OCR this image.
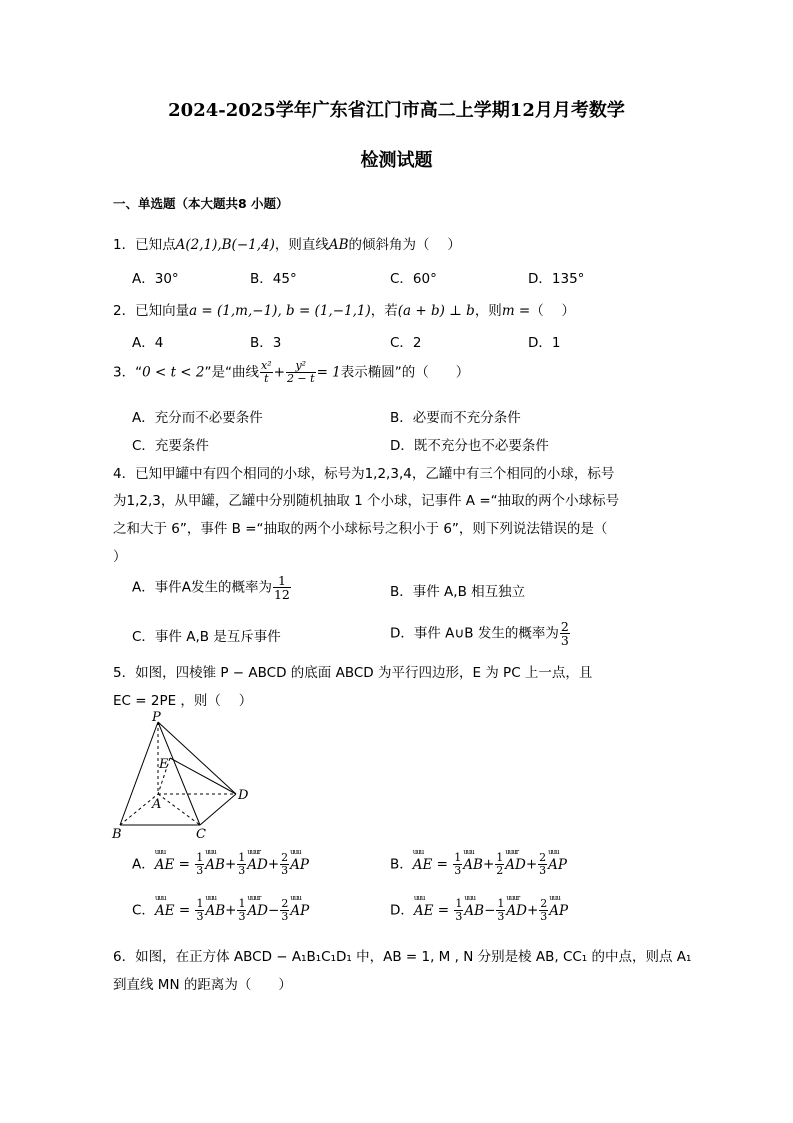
2024-2025学年广东省江门市高二上学期12月月考数学
检测试题
一、单选题（本大题共8 小题）
1．已知点A(2,1),B(−1,4)，则直线AB的倾斜角为（　 ）
A．30°	B．45°	C．60°	D．135°
2．已知向量a = (1,m,−1), b = (1,−1,1)，若(a + b) ⊥ b，则m =（　 ）
A．4	B．3	C．2	D．1
3．“0 < t < 2”是“曲线 $\frac{\text{x²}}{t} + \frac{\text{y²}}{2 - t} = 1$表示椭圆”的（　　）
A．充分而不必要条件	B．必要而不充分条件
C．充要条件	D．既不充分也不必要条件
4．已知甲罐中有四个相同的小球，标号为1,2,3,4，乙罐中有三个相同的小球，标号
为1,2,3，从甲罐，乙罐中分别随机抽取 1 个小球，记事件 A =“抽取的两个小球标号
之和大于 6”，事件 B =“抽取的两个小球标号之积小于 6”，则下列说法错误的是（
）
A．事件A发生的概率为 $\frac{1}{12}$	B．事件 A,B 相互独立
C．事件 A,B 是互斥事件	D．事件 A∪B 发生的概率为 $\frac{2}{3}$
5．如图，四棱锥 P − ABCD 的底面 ABCD 为平行四边形，E 为 PC 上一点，且
EC = 2PE ，则（　 ）
P
E
A
D
B	C
A．uuu AE = $\frac{1}{3}$ uuu $AB+ \frac{1}{3}$ uuur $AD+ \frac{2}{3}$ uuu AP	B．uuu AE = $\frac{1}{3}$ uuu $AB+ \frac{1}{2}$ uuur $AD+ \frac{2}{3}$ uuu AP
C．uuu AE = $\frac{1}{3}$ uuu $AB+ \frac{1}{3}$ uuur $AD- \frac{2}{3}$ uuu AP	D．uuu AE = $\frac{1}{3}$ uuu $AB- \frac{1}{3}$ uuur $AD+ \frac{2}{3}$ uuu AP
6．如图，在正方体 ABCD − A₁B₁C₁D₁ 中，AB = 1, M , N 分别是棱 AB, CC₁ 的中点，则点 A₁
到直线 MN 的距离为（　　）
